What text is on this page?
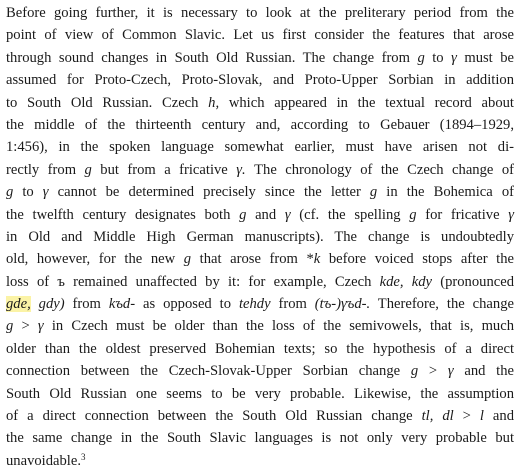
Before going further, it is necessary to look at the preliterary period from the
point of view of Common Slavic. Let us first consider the features that arose
through sound changes in South Old Russian. The change from g to γ must be
assumed for Proto-Czech, Proto-Slovak, and Proto-Upper Sorbian in addition
to South Old Russian. Czech h, which appeared in the textual record about
the middle of the thirteenth century and, according to Gebauer (1894–1929,
1:456), in the spoken language somewhat earlier, must have arisen not di-
rectly from g but from a fricative γ. The chronology of the Czech change of
g to γ cannot be determined precisely since the letter g in the Bohemica of
the twelfth century designates both g and γ (cf. the spelling g for fricative γ
in Old and Middle High German manuscripts). The change is undoubtedly
old, however, for the new g that arose from *k before voiced stops after the
loss of ъ remained unaffected by it: for example, Czech kde, kdy (pronounced
gde, gdy) from kъd- as opposed to tehdy from (tъ-)γъd-. Therefore, the change
g > γ in Czech must be older than the loss of the semivowels, that is, much
older than the oldest preserved Bohemian texts; so the hypothesis of a direct
connection between the Czech-Slovak-Upper Sorbian change g > γ and the
South Old Russian one seems to be very probable. Likewise, the assumption
of a direct connection between the South Old Russian change tl, dl > l and
the same change in the South Slavic languages is not only very probable but
unavoidable.$^3$
